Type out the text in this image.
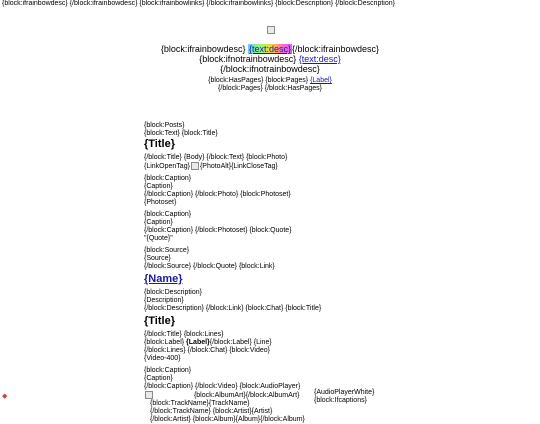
{block:ifrainbowdesc} {/block:ifrainbowdesc} {block:ifrainbowlinks} {/block:ifrainbowlinks} {block:Description} {/block:Description}
{block:ifrainbowdesc} {text:desc}{/block:ifrainbowdesc}
{block:ifnotrainbowdesc} {text:desc}
{/block:ifnotrainbowdesc}
{block:HasPages} {block:Pages} {Label}
{/block:Pages} {/block:HasPages}
{block:Posts}
{block:Text} {block:Title}
{Title}
{/block:Title} {Body} {/block:Text} {block:Photo}
{LinkOpenTag} {PhotoAlt}{LinkCloseTag}
{block:Caption}
{Caption}
{/block:Caption} {/block:Photo} {block:Photoset}
{Photoset}
{block:Caption}
{Caption}
{/block:Caption} {/block:Photoset} {block:Quote}
"{Quote}"
{block:Source}
{Source}
{/block:Source} {/block:Quote} {block:Link}
{Name}
{block:Description}
{Description}
{/block:Description} {/block:Link} {block:Chat} {block:Title}
{Title}
{/block:Title} {block:Lines}
{block:Label} {Label}{/block:Label} {Line}
{/block:Lines} {/block:Chat} {block:Video}
{Video-400}
{block:Caption}
{Caption}
{/block:Caption} {/block:Video} {block:AudioPlayer}
{block:AlbumArt}{/block:AlbumArt}
{block:TrackName}{TrackName}
{/block:TrackName} {block:Artist}{Artist}
{/block:Artist} {block:Album}{Album}{/block:Album}
{AudioPlayerWhite}
{block:Ifcaptions}
◆
